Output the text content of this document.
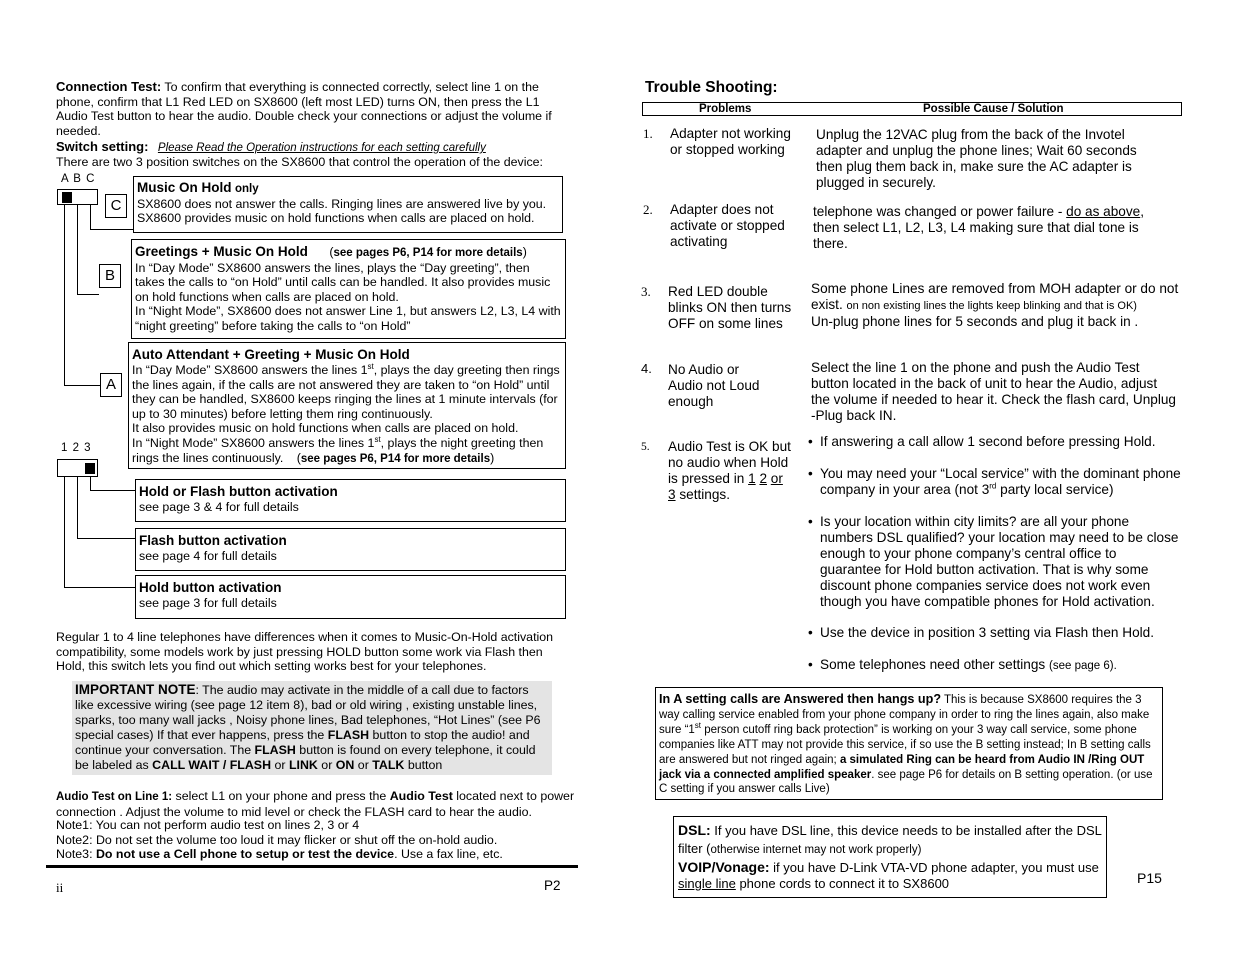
Connection Test: To confirm that everything is connected correctly, select line 1 on the phone, confirm that L1 Red LED on SX8600 (left most LED) turns ON, then press the L1 Audio Test button to hear the audio. Double check your connections or adjust the volume if needed.
Switch setting: Please Read the Operation instructions for each setting carefully
There are two 3 position switches on the SX8600 that control the operation of the device:
A B C
C
Music On Hold only
SX8600 does not answer the calls. Ringing lines are answered live by you.
SX8600 provides music on hold functions when calls are placed on hold.
B
Greetings + Music On Hold (see pages P6, P14 for more details)
In “Day Mode” SX8600 answers the lines, plays the “Day greeting”, then takes the calls to “on Hold” until calls can be handled. It also provides music on hold functions when calls are placed on hold.
In “Night Mode”, SX8600 does not answer Line 1, but answers L2, L3, L4 with “night greeting” before taking the calls to “on Hold”
A
Auto Attendant + Greeting + Music On Hold
In “Day Mode” SX8600 answers the lines 1st, plays the day greeting then rings the lines again, if the calls are not answered they are taken to “on Hold” until they can be handled, SX8600 keeps ringing the lines at 1 minute intervals (for up to 30 minutes) before letting them ring continuously.
It also provides music on hold functions when calls are placed on hold.
In “Night Mode” SX8600 answers the lines 1st, plays the night greeting then rings the lines continuously. (see pages P6, P14 for more details)
1 2 3
Hold or Flash button activation
see page 3 & 4 for full details
Flash button activation
see page 4 for full details
Hold button activation
see page 3 for full details
Regular 1 to 4 line telephones have differences when it comes to Music-On-Hold activation compatibility, some models work by just pressing HOLD button some work via Flash then Hold, this switch lets you find out which setting works best for your telephones.
IMPORTANT NOTE: The audio may activate in the middle of a call due to factors like excessive wiring (see page 12 item 8), bad or old wiring , existing unstable lines, sparks, too many wall jacks , Noisy phone lines, Bad telephones, “Hot Lines” (see P6 special cases) If that ever happens, press the FLASH button to stop the audio! and continue your conversation. The FLASH button is found on every telephone, it could be labeled as CALL WAIT / FLASH or LINK or ON or TALK button
Audio Test on Line 1: select L1 on your phone and press the Audio Test located next to power connection . Adjust the volume to mid level or check the FLASH card to hear the audio.
Note1: You can not perform audio test on lines 2, 3 or 4
Note2: Do not set the volume too loud it may flicker or shut off the on-hold audio.
Note3: Do not use a Cell phone to setup or test the device. Use a fax line, etc.
ii	P2
Trouble Shooting:
Problems	Possible Cause / Solution
1. Adapter not working or stopped working
Unplug the 12VAC plug from the back of the Invotel adapter and unplug the phone lines; Wait 60 seconds then plug them back in, make sure the AC adapter is plugged in securely.
2. Adapter does not activate or stopped activating
telephone was changed or power failure - do as above, then select L1, L2, L3, L4 making sure that dial tone is there.
3. Red LED double blinks ON then turns OFF on some lines
Some phone Lines are removed from MOH adapter or do not exist. on non existing lines the lights keep blinking and that is OK)
Un-plug phone lines for 5 seconds and plug it back in .
4. No Audio or Audio not Loud enough
Select the line 1 on the phone and push the Audio Test button located in the back of unit to hear the Audio, adjust the volume if needed to hear it. Check the flash card, Unplug -Plug back IN.
5. Audio Test is OK but no audio when Hold is pressed in 1 2 or 3 settings.
• If answering a call allow 1 second before pressing Hold.
• You may need your “Local service” with the dominant phone company in your area (not 3rd party local service)
• Is your location within city limits? are all your phone numbers DSL qualified? your location may need to be close enough to your phone company’s central office to guarantee for Hold button activation. That is why some discount phone companies service does not work even though you have compatible phones for Hold activation.
• Use the device in position 3 setting via Flash then Hold.
• Some telephones need other settings (see page 6).
In A setting calls are Answered then hangs up? This is because SX8600 requires the 3 way calling service enabled from your phone company in order to ring the lines again, also make sure “1st person cutoff ring back protection” is working on your 3 way call service, some phone companies like ATT may not provide this service, if so use the B setting instead; In B setting calls are answered but not ringed again; a simulated Ring can be heard from Audio IN /Ring OUT jack via a connected amplified speaker. see page P6 for details on B setting operation. (or use C setting if you answer calls Live)
DSL: If you have DSL line, this device needs to be installed after the DSL filter (otherwise internet may not work properly)
VOIP/Vonage: if you have D-Link VTA-VD phone adapter, you must use single line phone cords to connect it to SX8600	P15
